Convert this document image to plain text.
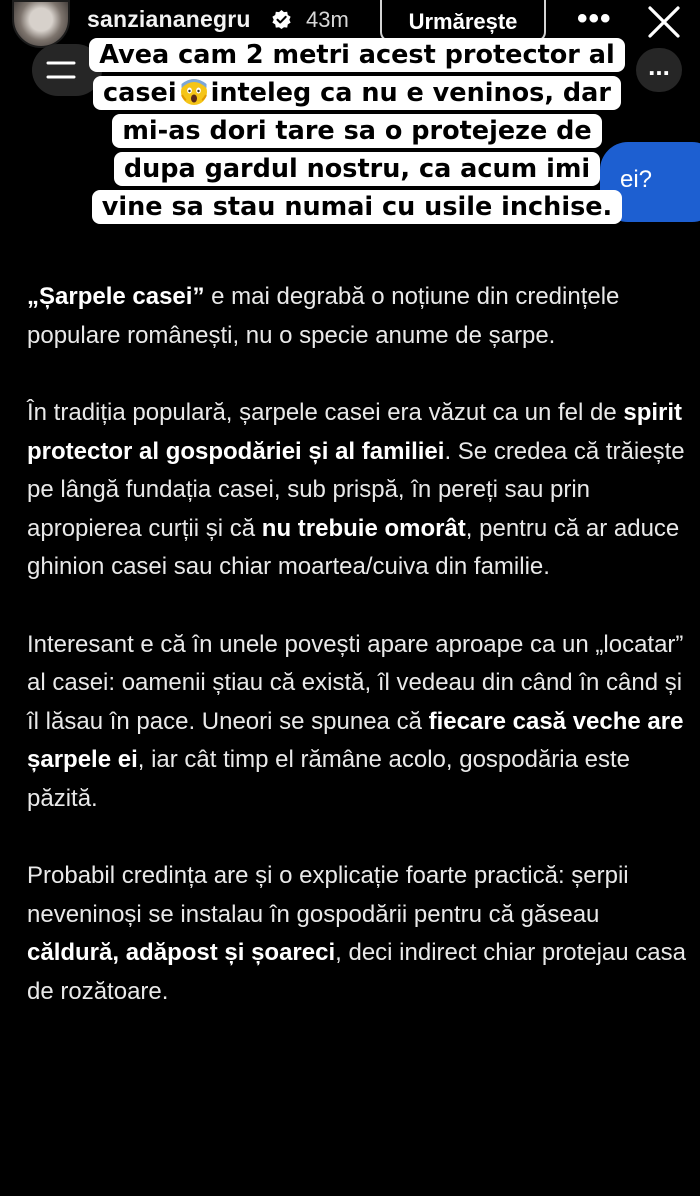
sanziananegru	43m	Urmărește	•••
...
ei?
Avea cam 2 metri acest protector al
casei inteleg ca nu e veninos, dar
mi-as dori tare sa o protejeze de
dupa gardul nostru, ca acum imi
vine sa stau numai cu usile inchise.

„Șarpele casei” e mai degrabă o noțiune din credințele populare românești, nu o specie anume de șarpe.

În tradiția populară, șarpele casei era văzut ca un fel de spirit protector al gospodăriei și al familiei. Se credea că trăiește pe lângă fundația casei, sub prispă, în pereți sau prin apropierea curții și că nu trebuie omorât, pentru că ar aduce ghinion casei sau chiar moartea/cuiva din familie.

Interesant e că în unele povești apare aproape ca un „locatar” al casei: oamenii știau că există, îl vedeau din când în când și îl lăsau în pace. Uneori se spunea că fiecare casă veche are șarpele ei, iar cât timp el rămâne acolo, gospodăria este păzită.

Probabil credința are și o explicație foarte practică: șerpii neveninoși se instalau în gospodării pentru că găseau căldură, adăpost și șoareci, deci indirect chiar protejau casa de rozătoare.
